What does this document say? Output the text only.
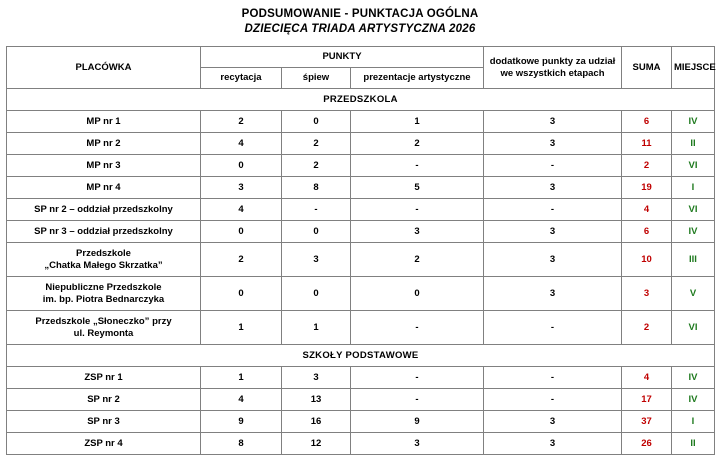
PODSUMOWANIE - PUNKTACJA OGÓLNA
DZIECIĘCA TRIADA ARTYSTYCZNA 2026
PLACÓWKA	PUNKTY			dodatkowe punkty za udział we wszystkich etapach	SUMA	MIEJSCE
	recytacja	śpiew	prezentacje artystyczne			
PRZEDSZKOLA						
MP nr 1	2	0	1	3	6	IV
MP nr 2	4	2	2	3	11	II
MP nr 3	0	2	-	-	2	VI
MP nr 4	3	8	5	3	19	I
SP nr 2 – oddział przedszkolny	4	-	-	-	4	VI
SP nr 3 – oddział przedszkolny	0	0	3	3	6	IV
Przedszkole
„Chatka Małego Skrzatka”	2	3	2	3	10	III
Niepubliczne Przedszkole
im. bp. Piotra Bednarczyka	0	0	0	3	3	V
Przedszkole „Słoneczko” przy
ul. Reymonta	1	1	-	-	2	VI
SZKOŁY PODSTAWOWE						
ZSP nr 1	1	3	-	-	4	IV
SP nr 2	4	13	-	-	17	IV
SP nr 3	9	16	9	3	37	I
ZSP nr 4	8	12	3	3	26	II
